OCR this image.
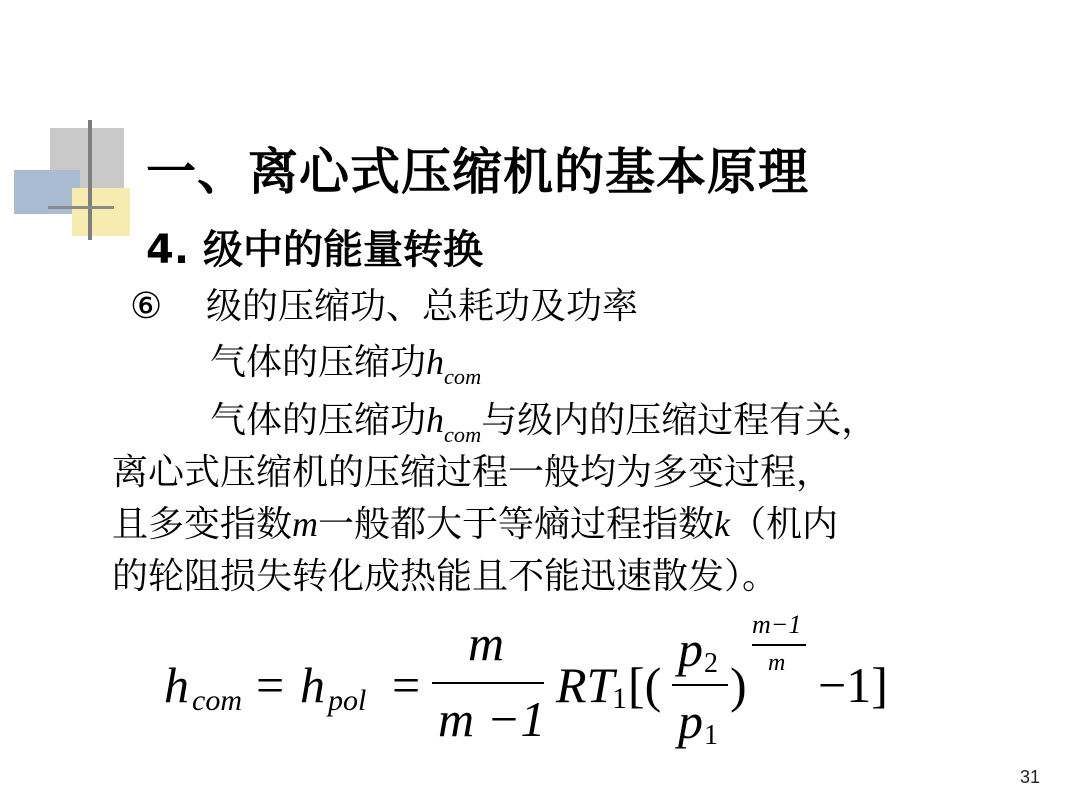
一、离心式压缩机的基本原理
4. 级中的能量转换
⑥ 级的压缩功、总耗功及功率
气体的压缩功$h_{com}$
气体的压缩功$h_{com}$与级内的压缩过程有关，
离心式压缩机的压缩过程一般均为多变过程，
且多变指数m一般都大于等熵过程指数k（机内
的轮阻损失转化成热能且不能迅速散发）。
h com = h pol =
m
m −1
RT
1 [(
p 2
p 1
)
m−1
m −1]
31
